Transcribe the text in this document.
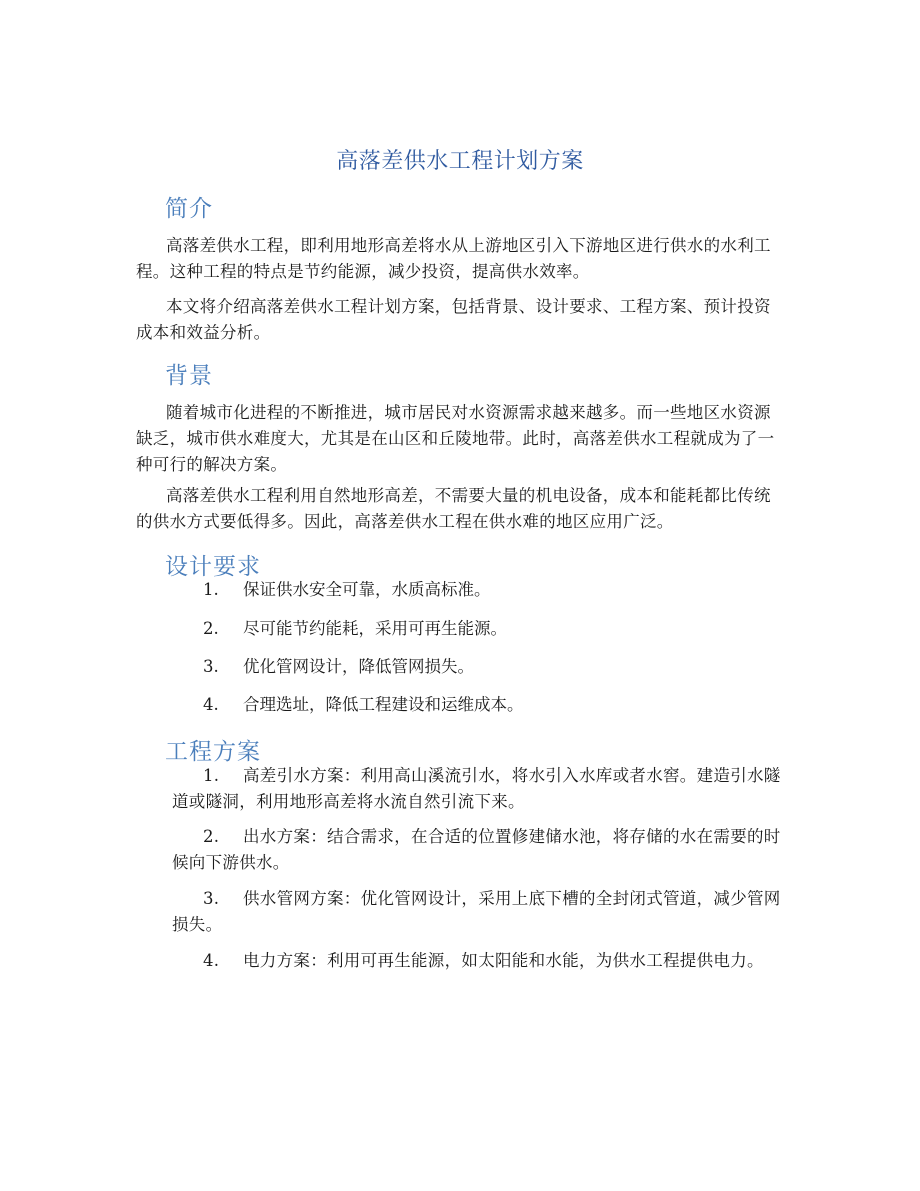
高落差供水工程计划方案
简介

高落差供水工程，即利用地形高差将水从上游地区引入下游地区进行供水的水利工程。这种工程的特点是节约能源，减少投资，提高供水效率。

本文将介绍高落差供水工程计划方案，包括背景、设计要求、工程方案、预计投资成本和效益分析。

背景

随着城市化进程的不断推进，城市居民对水资源需求越来越多。而一些地区水资源缺乏，城市供水难度大，尤其是在山区和丘陵地带。此时，高落差供水工程就成为了一种可行的解决方案。

高落差供水工程利用自然地形高差，不需要大量的机电设备，成本和能耗都比传统的供水方式要低得多。因此，高落差供水工程在供水难的地区应用广泛。

设计要求
1. 保证供水安全可靠，水质高标准。
2. 尽可能节约能耗，采用可再生能源。
3. 优化管网设计，降低管网损失。
4. 合理选址，降低工程建设和运维成本。
工程方案

1. 高差引水方案：利用高山溪流引水，将水引入水库或者水窖。建造引水隧道或隧洞，利用地形高差将水流自然引流下来。

2. 出水方案：结合需求，在合适的位置修建储水池，将存储的水在需要的时候向下游供水。

3. 供水管网方案：优化管网设计，采用上底下槽的全封闭式管道，减少管网损失。

4. 电力方案：利用可再生能源，如太阳能和水能，为供水工程提供电力。
